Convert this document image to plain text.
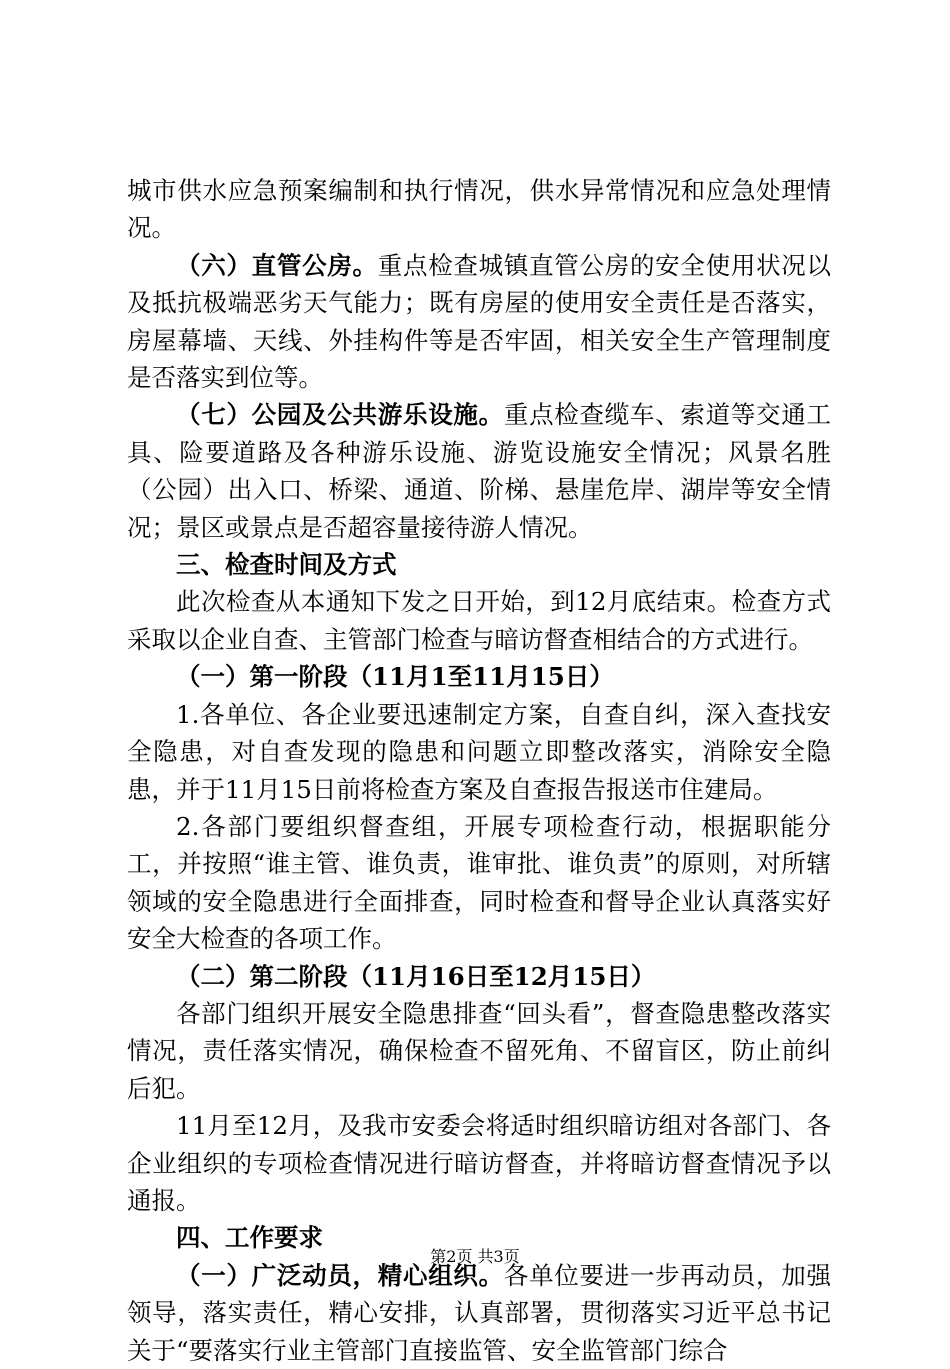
城市供水应急预案编制和执行情况，供水异常情况和应急处理情况。

（六）直管公房。重点检查城镇直管公房的安全使用状况以及抵抗极端恶劣天气能力；既有房屋的使用安全责任是否落实，房屋幕墙、天线、外挂构件等是否牢固，相关安全生产管理制度是否落实到位等。

（七）公园及公共游乐设施。重点检查缆车、索道等交通工具、险要道路及各种游乐设施、游览设施安全情况；风景名胜（公园）出入口、桥梁、通道、阶梯、悬崖危岸、湖岸等安全情况；景区或景点是否超容量接待游人情况。

三、检查时间及方式

此次检查从本通知下发之日开始，到12月底结束。检查方式采取以企业自查、主管部门检查与暗访督查相结合的方式进行。

（一）第一阶段（11月1至11月15日）

1.各单位、各企业要迅速制定方案，自查自纠，深入查找安全隐患，对自查发现的隐患和问题立即整改落实，消除安全隐患，并于11月15日前将检查方案及自查报告报送市住建局。

2.各部门要组织督查组，开展专项检查行动，根据职能分工，并按照“谁主管、谁负责，谁审批、谁负责”的原则，对所辖领域的安全隐患进行全面排查，同时检查和督导企业认真落实好安全大检查的各项工作。

（二）第二阶段（11月16日至12月15日）

各部门组织开展安全隐患排查“回头看”，督查隐患整改落实情况，责任落实情况，确保检查不留死角、不留盲区，防止前纠后犯。

11月至12月，及我市安委会将适时组织暗访组对各部门、各企业组织的专项检查情况进行暗访督查，并将暗访督查情况予以通报。

四、工作要求

（一）广泛动员，精心组织。各单位要进一步再动员，加强领导，落实责任，精心安排，认真部署，贯彻落实习近平总书记关于“要落实行业主管部门直接监管、安全监管部门综合

第2页 共3页
